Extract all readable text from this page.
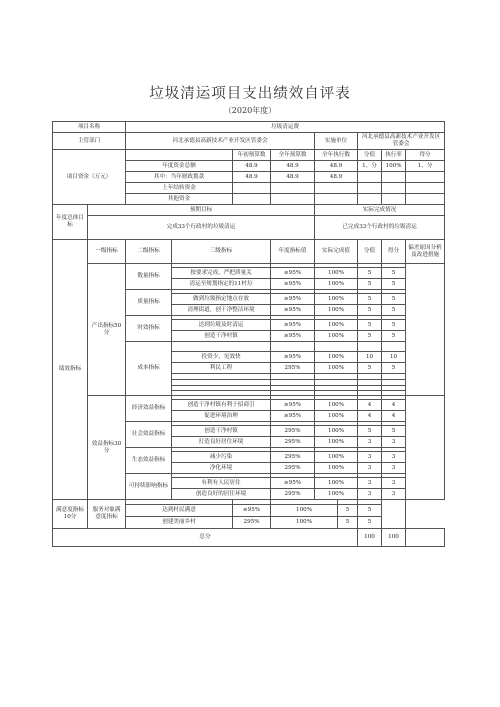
垃圾清运项目支出绩效自评表
（2020年度）
项目名称		垃圾清运费								
主管部门		河北承德县高新技术产业开发区管委会				实施单位		河北承德县高新技术产业开发区管委会		
项目资金（万元）				年初预算数	全年预算数	全年执行数		分值	执行率	得分
		年度资金总额		48.9	48.9	48.9		1、分	100%	1、分
		其中：当年财政拨款		48.9	48.9	48.9				
		上年结转资金								
		其他资金								
年度总体目标	预期目标					实际完成情况				
	完成33个行政村的垃圾清运					已完成33个行政村的垃圾清运				
绩效指标	一级指标	二级指标	三级指标		年度指标值	实际完成值		分值	得分	偏差原因分析及改进措施
	产出指标50分	数量指标								
			按要求完成，严把质量关		≥95%	100%		5	5	
			清运至规划指定的11村垃		≥95%	100%		5	5	
		质量指标								
			做到垃圾指定地点存放		≥95%	100%		5	5	
			清理街道，创干净整洁环境		≥95%	100%		5	5	
		时效指标								
			达到垃圾及时清运		≥95%	100%		5	5	
			创造干净村镇		≥95%	100%		5	5	
		成本指标								
			投资少，见效快		≥95%	100%		10	10	
			利民工程		295%	100%		5	5	

	效益指标30分	经济效益指标								
			创造干净村镇有利于招商引		≥95%	100%		4	4	
			促进环境治理		≥95%	100%		4	4	
		社会效益指标								
			创造干净村镇		295%	100%		5	5	
			打造良好居住环境		295%	100%		3	3	
		生态效益指标								
			减少污染		295%	100%		3	3	
			净化环境		295%	100%		3	3	
		可持续影响指标								
			有利有人民居住		≥95%	100%		3	3	
			创造良好的居住环境		295%	100%		3	3	
满意度指标10分	服务对象满意度指标									
		达到村民满意		≥95%	100%		5	5		
		创建美丽乡村		295%	100%		5	5		
总分								100	100	
